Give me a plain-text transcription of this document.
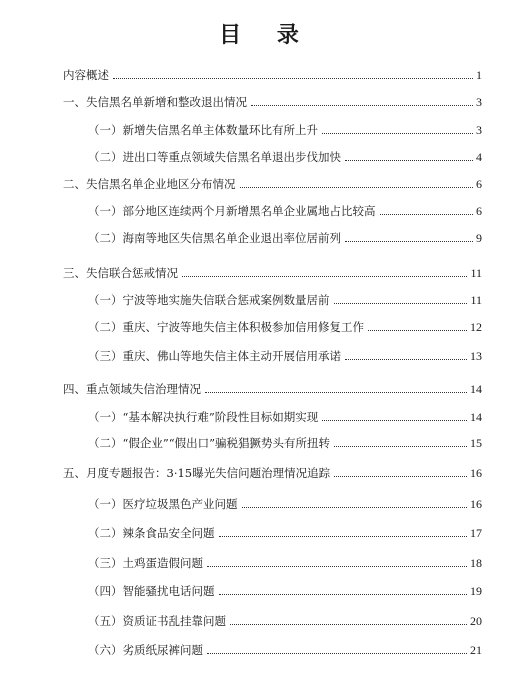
目 录
内容概述	1
一、失信黑名单新增和整改退出情况	3
（一）新增失信黑名单主体数量环比有所上升	3
（二）进出口等重点领域失信黑名单退出步伐加快	4
二、失信黑名单企业地区分布情况	6
（一）部分地区连续两个月新增黑名单企业属地占比较高	6
（二）海南等地区失信黑名单企业退出率位居前列	9
三、失信联合惩戒情况	11
（一）宁波等地实施失信联合惩戒案例数量居前	11
（二）重庆、宁波等地失信主体积极参加信用修复工作	12
（三）重庆、佛山等地失信主体主动开展信用承诺	13
四、重点领域失信治理情况	14
（一）“基本解决执行难”阶段性目标如期实现	14
（二）“假企业”“假出口”骗税猖獗势头有所扭转	15
五、月度专题报告：3·15曝光失信问题治理情况追踪	16
（一）医疗垃圾黑色产业问题	16
（二）辣条食品安全问题	17
（三）土鸡蛋造假问题	18
（四）智能骚扰电话问题	19
（五）资质证书乱挂靠问题	20
（六）劣质纸尿裤问题	21
